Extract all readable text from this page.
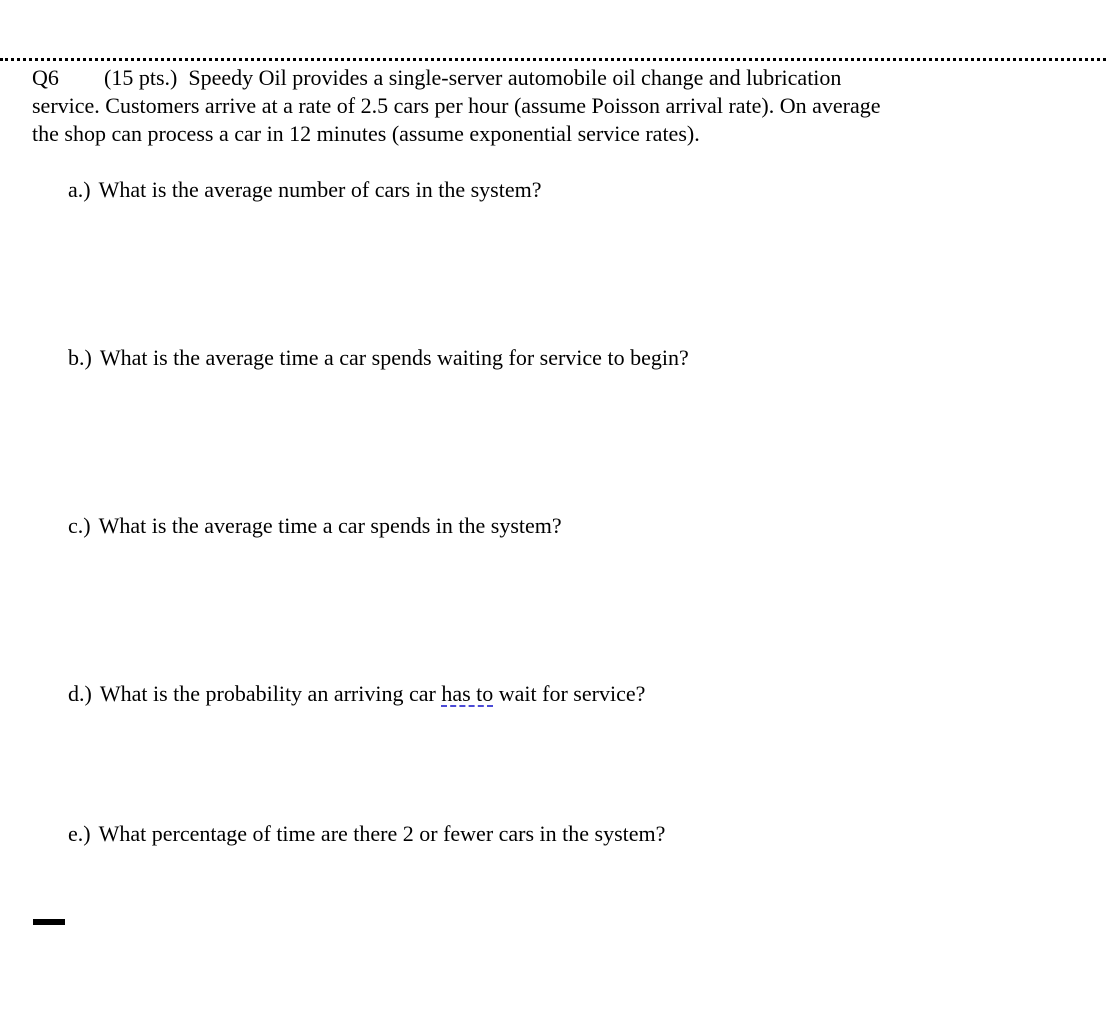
Q6 (15 pts.) Speedy Oil provides a single-server automobile oil change and lubrication service. Customers arrive at a rate of 2.5 cars per hour (assume Poisson arrival rate). On average the shop can process a car in 12 minutes (assume exponential service rates).
a.) What is the average number of cars in the system?
b.) What is the average time a car spends waiting for service to begin?
c.) What is the average time a car spends in the system?
d.) What is the probability an arriving car has to wait for service?
e.) What percentage of time are there 2 or fewer cars in the system?
